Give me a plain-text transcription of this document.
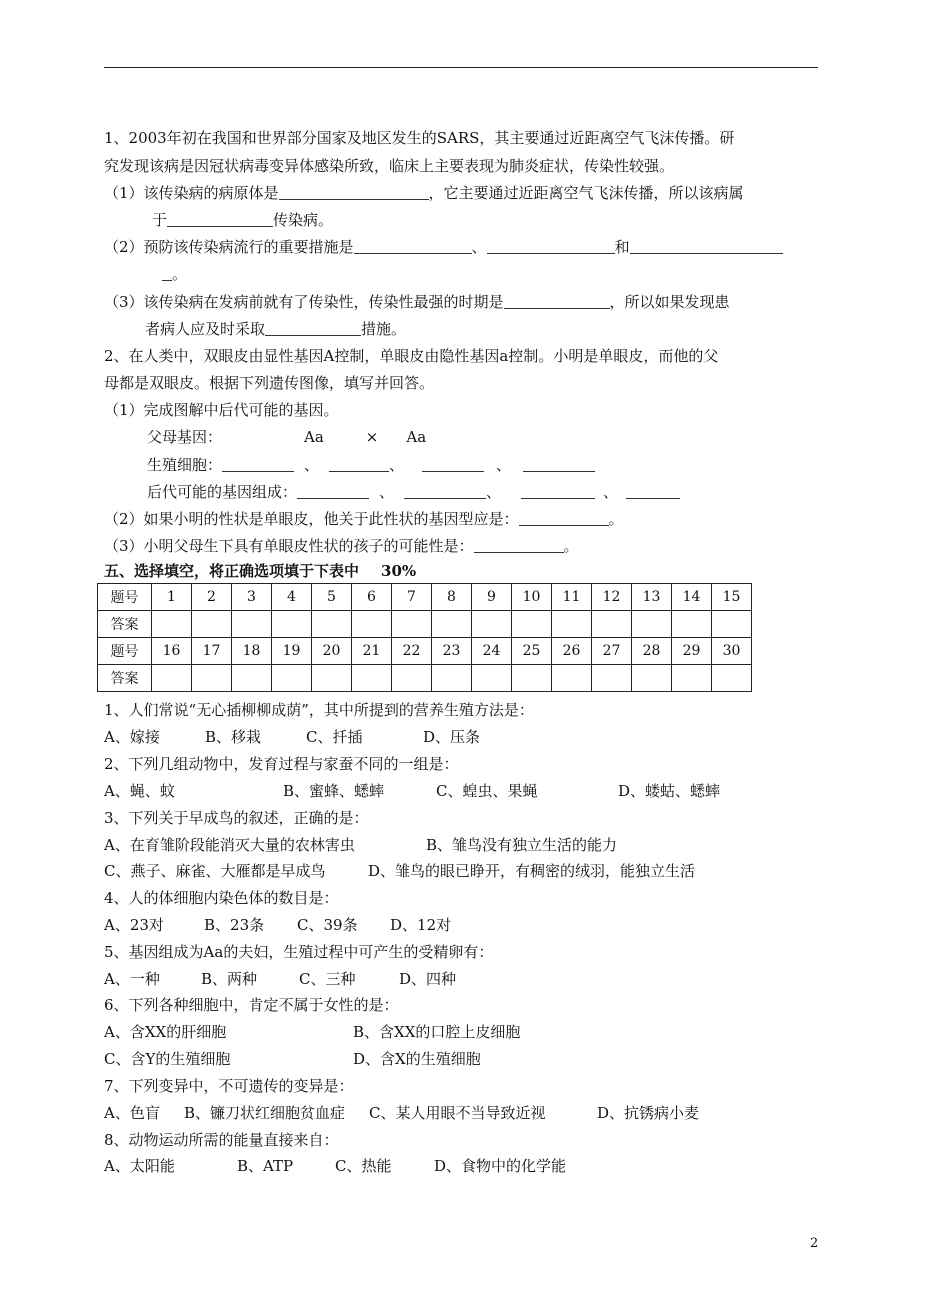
1、2003年初在我国和世界部分国家及地区发生的SARS，其主要通过近距离空气飞沫传播。研
究发现该病是因冠状病毒变异体感染所致，临床上主要表现为肺炎症状，传染性较强。
（1）该传染病的病原体是	，它主要通过近距离空气飞沫传播，所以该病属
于	传染病。
（2）预防该传染病流行的重要措施是	、	和
。
（3）该传染病在发病前就有了传染性，传染性最强的时期是	，所以如果发现患
者病人应及时采取	措施。
2、在人类中，双眼皮由显性基因A控制，单眼皮由隐性基因a控制。小明是单眼皮，而他的父
母都是双眼皮。根据下列遗传图像，填写并回答。
（1）完成图解中后代可能的基因。
父母基因：	Aa	× Aa
生殖细胞：	、	、	、
后代可能的基因组成：	、	、	、
（2）如果小明的性状是单眼皮，他关于此性状的基因型应是：	。
（3）小明父母生下具有单眼皮性状的孩子的可能性是：	。
五、选择填空，将正确选项填于下表中 30%
题号	1	2	3	4	5	6	7	8	9	10	11	12	13	14	15
答案															
题号	16	17	18	19	20	21	22	23	24	25	26	27	28	29	30
答案															
1、人们常说“无心插柳柳成荫”，其中所提到的营养生殖方法是：
A、嫁接	B、移栽	C、扦插	D、压条
2、下列几组动物中，发育过程与家蚕不同的一组是：
A、蝇、蚊	B、蜜蜂、蟋蟀	C、蝗虫、果蝇	D、蝼蛄、蟋蟀
3、下列关于早成鸟的叙述，正确的是：
A、在育雏阶段能消灭大量的农林害虫	B、雏鸟没有独立生活的能力
C、燕子、麻雀、大雁都是早成鸟	D、雏鸟的眼已睁开，有稠密的绒羽，能独立生活
4、人的体细胞内染色体的数目是：
A、23对	B、23条 C、39条 D、12对
5、基因组成为Aa的夫妇，生殖过程中可产生的受精卵有：
A、一种	B、两种	C、三种	D、四种
6、下列各种细胞中，肯定不属于女性的是：
A、含XX的肝细胞	B、含XX的口腔上皮细胞
C、含Y的生殖细胞	D、含X的生殖细胞
7、下列变异中，不可遗传的变异是：
A、色盲 B、镰刀状红细胞贫血症 C、某人用眼不当导致近视	D、抗锈病小麦
8、动物运动所需的能量直接来自：
A、太阳能	B、ATP	C、热能	D、食物中的化学能
2
